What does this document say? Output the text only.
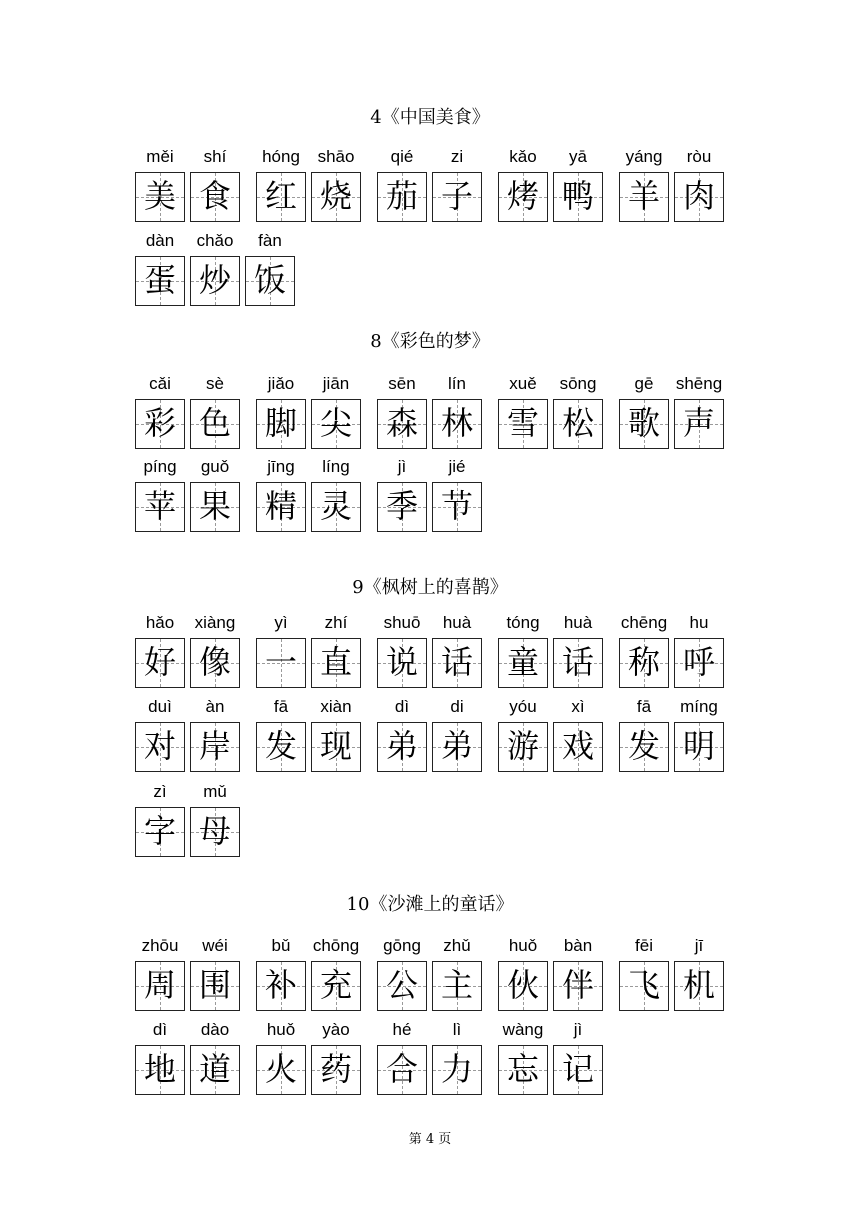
4《中国美食》
měi
美
shí
食
hóng
红
shāo
烧
qié
茄
zi
子
kǎo
烤
yā
鸭
yáng
羊
ròu
肉
dàn
蛋
chǎo
炒
fàn
饭
8《彩色的梦》
cǎi
彩
sè
色
jiǎo
脚
jiān
尖
sēn
森
lín
林
xuě
雪
sōng
松
gē
歌
shēng
声
píng
苹
guǒ
果
jīng
精
líng
灵
jì
季
jié
节
9《枫树上的喜鹊》
hǎo
好
xiàng
像
yì
一
zhí
直
shuō
说
huà
话
tóng
童
huà
话
chēng
称
hu
呼
duì
对
àn
岸
fā
发
xiàn
现
dì
弟
di
弟
yóu
游
xì
戏
fā
发
míng
明
zì
字
mǔ
母
10《沙滩上的童话》
zhōu
周
wéi
围
bǔ
补
chōng
充
gōng
公
zhǔ
主
huǒ
伙
bàn
伴
fēi
飞
jī
机
dì
地
dào
道
huǒ
火
yào
药
hé
合
lì
力
wàng
忘
jì
记
第 4 页
